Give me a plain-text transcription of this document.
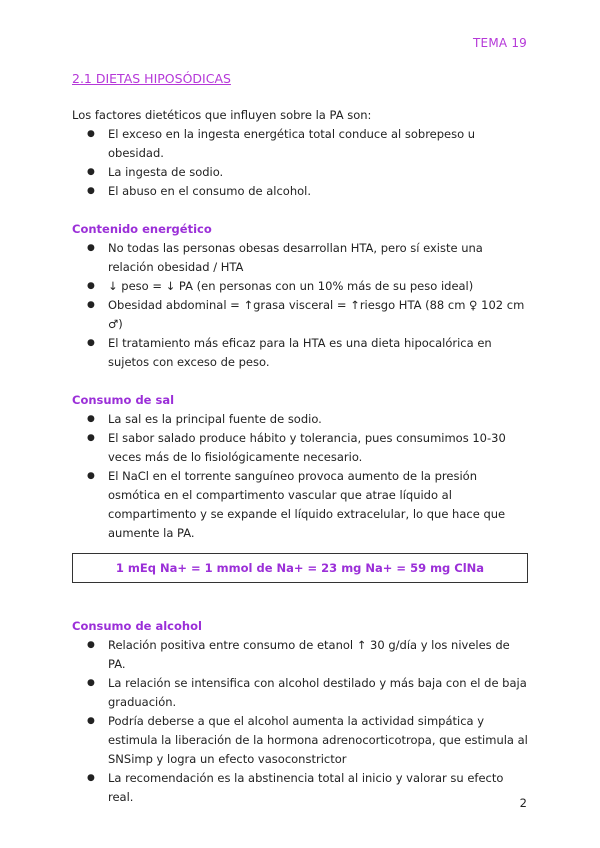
TEMA 19
2.1 DIETAS HIPOSÓDICAS

Los factores dietéticos que influyen sobre la PA son:

● El exceso en la ingesta energética total conduce al sobrepeso u obesidad.
● La ingesta de sodio.
● El abuso en el consumo de alcohol.

Contenido energético

● No todas las personas obesas desarrollan HTA, pero sí existe una relación obesidad / HTA
● ↓ peso = ↓ PA (en personas con un 10% más de su peso ideal)
● Obesidad abdominal = ↑grasa visceral = ↑riesgo HTA (88 cm ♀ 102 cm ♂)
● El tratamiento más eficaz para la HTA es una dieta hipocalórica en sujetos con exceso de peso.

Consumo de sal

● La sal es la principal fuente de sodio.
● El sabor salado produce hábito y tolerancia, pues consumimos 10-30 veces más de lo fisiológicamente necesario.
● El NaCl en el torrente sanguíneo provoca aumento de la presión osmótica en el compartimento vascular que atrae líquido al compartimento y se expande el líquido extracelular, lo que hace que aumente la PA.
1 mEq Na+ = 1 mmol de Na+ = 23 mg Na+ = 59 mg ClNa

Consumo de alcohol

● Relación positiva entre consumo de etanol ↑ 30 g/día y los niveles de PA.
● La relación se intensifica con alcohol destilado y más baja con el de baja graduación.
● Podría deberse a que el alcohol aumenta la actividad simpática y estimula la liberación de la hormona adrenocorticotropa, que estimula al SNSimp y logra un efecto vasoconstrictor
● La recomendación es la abstinencia total al inicio y valorar su efecto real.	2
